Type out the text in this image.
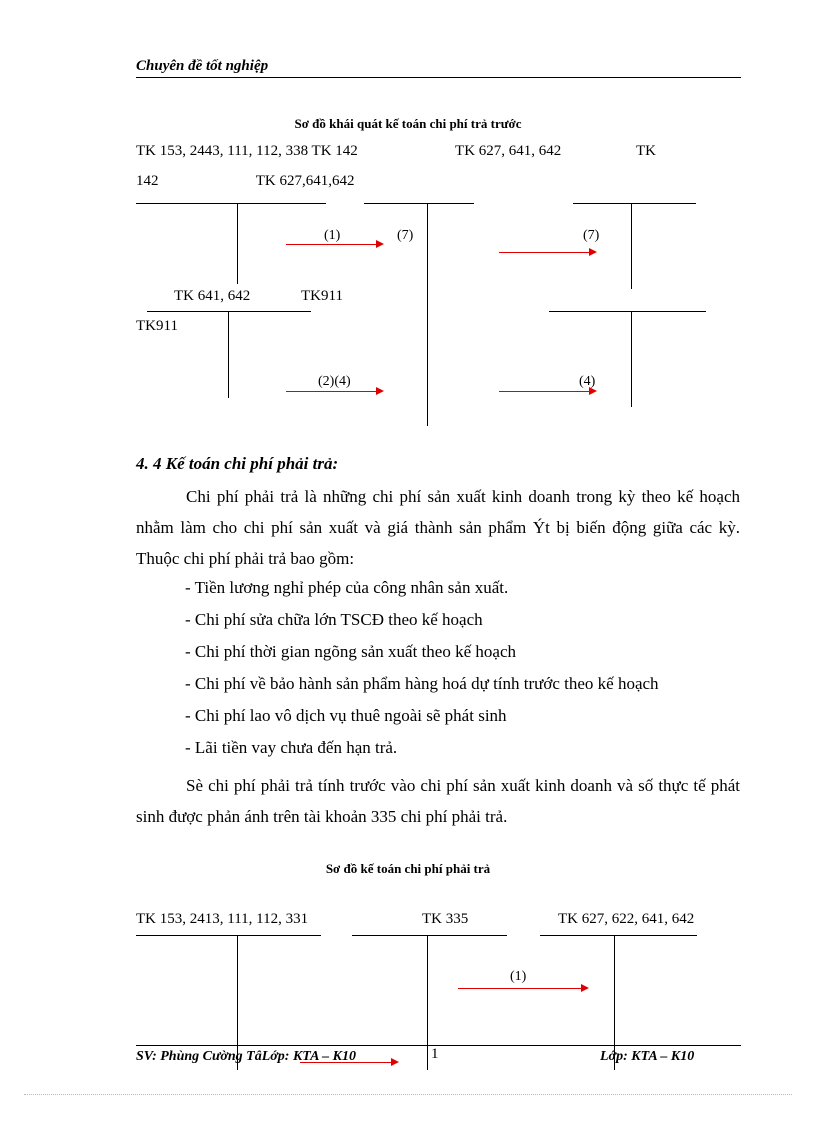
Chuyên đề tốt nghiệp
Sơ đồ khái quát kế toán chi phí trả trước
TK 153, 2443, 111, 112, 338 TK 142                          TK 627, 641, 642                    TK
142                          TK 627,641,642
(1)	(7)	(7)
TK 641, 642	TK911
TK911
(2)(4)	(4)
4. 4 Kế toán chi phí phải trả:

Chi phí phải trả là những chi phí sản xuất kinh doanh trong kỳ theo kế hoạch nhằm làm cho chi phí sản xuất và giá thành sản phẩm Ýt bị biến động giữa các kỳ. Thuộc chi phí phải trả bao gồm:

- Tiền lương nghỉ phép của công nhân sản xuất.
- Chi phí sửa chữa lớn TSCĐ theo kế hoạch
- Chi phí thời gian ngõng sản xuất theo kế hoạch
- Chi phí về bảo hành sản phẩm hàng hoá dự tính trước theo kế hoạch
- Chi phí lao vô dịch vụ thuê ngoài sẽ phát sinh
- Lãi tiền vay chưa đến hạn trả.

Sè chi phí phải trả tính trước vào chi phí sản xuất kinh doanh và số thực tế phát sinh được phản ánh trên tài khoản 335 chi phí phải trả.

Sơ đồ kế toán chi phí phải trả
TK 153, 2413, 111, 112, 331	TK 335	TK 627, 622, 641, 642
(1)
SV: Phùng Cường TâLớp: KTA – K10	1	Lớp: KTA – K10
